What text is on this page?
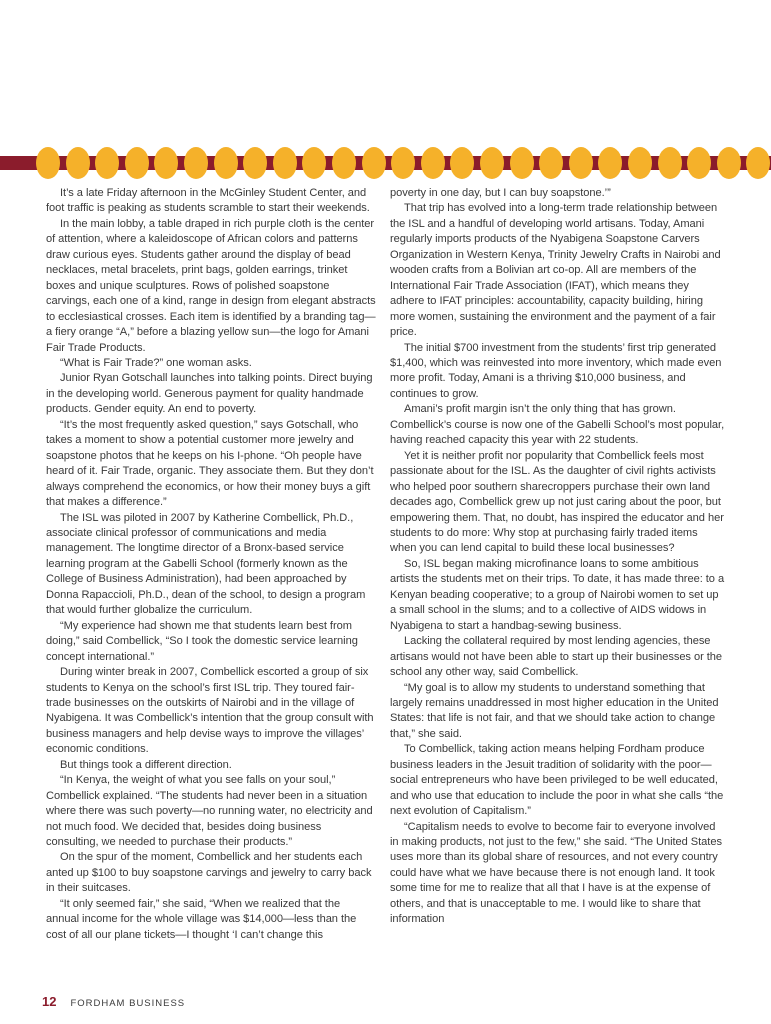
It’s a late Friday afternoon in the McGinley Student Center, and foot traffic is peaking as students scramble to start their weekends.

In the main lobby, a table draped in rich purple cloth is the center of attention, where a kaleidoscope of African colors and patterns draw curious eyes. Students gather around the display of bead necklaces, metal bracelets, print bags, golden earrings, trinket boxes and unique sculptures. Rows of polished soapstone carvings, each one of a kind, range in design from elegant abstracts to ecclesiastical crosses. Each item is identified by a branding tag—a fiery orange “A,” before a blazing yellow sun—the logo for Amani Fair Trade Products.

“What is Fair Trade?” one woman asks.

Junior Ryan Gotschall launches into talking points. Direct buying in the developing world. Generous payment for quality handmade products. Gender equity. An end to poverty.

“It’s the most frequently asked question,” says Gotschall, who takes a moment to show a potential customer more jewelry and soapstone photos that he keeps on his I-phone. “Oh people have heard of it. Fair Trade, organic. They associate them. But they don’t always comprehend the economics, or how their money buys a gift that makes a difference.”

The ISL was piloted in 2007 by Katherine Combellick, Ph.D., associate clinical professor of communications and media management. The longtime director of a Bronx-based service learning program at the Gabelli School (formerly known as the College of Business Administration), had been approached by Donna Rapaccioli, Ph.D., dean of the school, to design a program that would further globalize the curriculum.

“My experience had shown me that students learn best from doing,” said Combellick, “So I took the domestic service learning concept international.”

During winter break in 2007, Combellick escorted a group of six students to Kenya on the school’s first ISL trip. They toured fair-trade businesses on the outskirts of Nairobi and in the village of Nyabigena. It was Combellick’s intention that the group consult with business managers and help devise ways to improve the villages’ economic conditions.

But things took a different direction.

“In Kenya, the weight of what you see falls on your soul,” Combellick explained. “The students had never been in a situation where there was such poverty—no running water, no electricity and not much food. We decided that, besides doing business consulting, we needed to purchase their products.”

On the spur of the moment, Combellick and her students each anted up $100 to buy soapstone carvings and jewelry to carry back in their suitcases.

“It only seemed fair,” she said, “When we realized that the annual income for the whole village was $14,000—less than the cost of all our plane tickets—I thought ‘I can’t change this

poverty in one day, but I can buy soapstone.’”

That trip has evolved into a long-term trade relationship between the ISL and a handful of developing world artisans. Today, Amani regularly imports products of the Nyabigena Soapstone Carvers Organization in Western Kenya, Trinity Jewelry Crafts in Nairobi and wooden crafts from a Bolivian art co-op. All are members of the International Fair Trade Association (IFAT), which means they adhere to IFAT principles: accountability, capacity building, hiring more women, sustaining the environment and the payment of a fair price.

The initial $700 investment from the students’ first trip generated $1,400, which was reinvested into more inventory, which made even more profit. Today, Amani is a thriving $10,000 business, and continues to grow.

Amani’s profit margin isn’t the only thing that has grown. Combellick’s course is now one of the Gabelli School’s most popular, having reached capacity this year with 22 students.

Yet it is neither profit nor popularity that Combellick feels most passionate about for the ISL. As the daughter of civil rights activists who helped poor southern sharecroppers purchase their own land decades ago, Combellick grew up not just caring about the poor, but empowering them. That, no doubt, has inspired the educator and her students to do more: Why stop at purchasing fairly traded items when you can lend capital to build these local businesses?

So, ISL began making microfinance loans to some ambitious artists the students met on their trips. To date, it has made three: to a Kenyan beading cooperative; to a group of Nairobi women to set up a small school in the slums; and to a collective of AIDS widows in Nyabigena to start a handbag-sewing business.

Lacking the collateral required by most lending agencies, these artisans would not have been able to start up their businesses or the school any other way, said Combellick.

“My goal is to allow my students to understand something that largely remains unaddressed in most higher education in the United States: that life is not fair, and that we should take action to change that,” she said.

To Combellick, taking action means helping Fordham produce business leaders in the Jesuit tradition of solidarity with the poor—social entrepreneurs who have been privileged to be well educated, and who use that education to include the poor in what she calls “the next evolution of Capitalism.”

“Capitalism needs to evolve to become fair to everyone involved in making products, not just to the few,” she said. “The United States uses more than its global share of resources, and not every country could have what we have because there is not enough land. It took some time for me to realize that all that I have is at the expense of others, and that is unacceptable to me. I would like to share that information

12 FORDHAM BUSINESS
